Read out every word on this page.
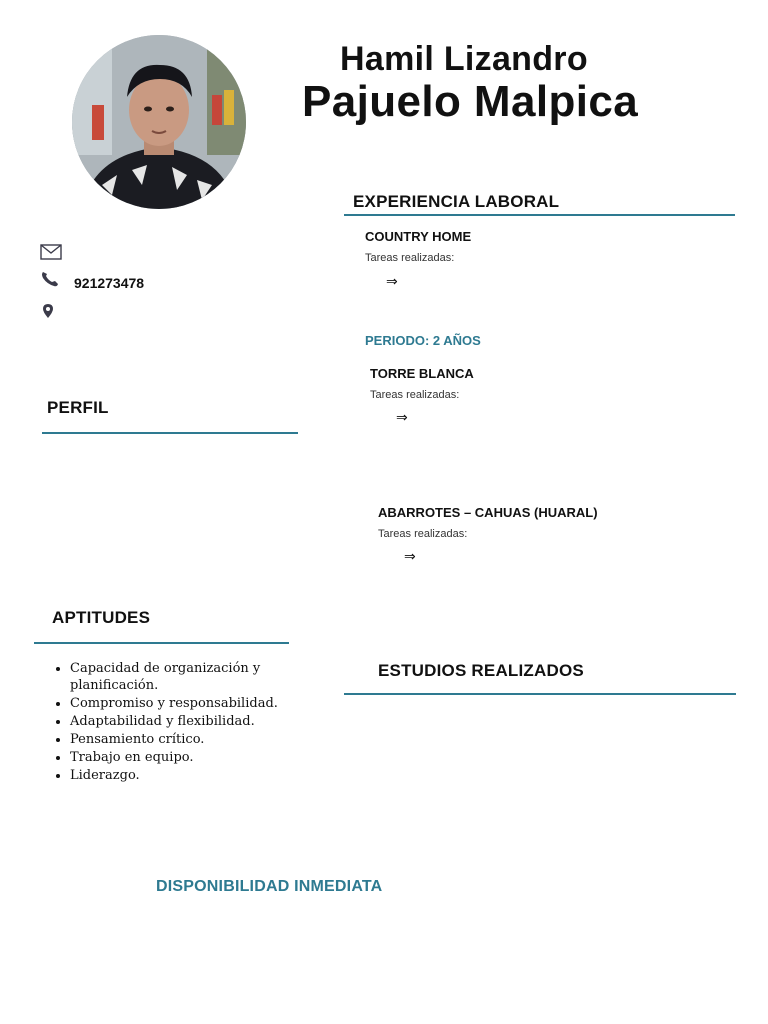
Hamil Lizandro
Pajuelo Malpica
921273478
PERFIL
APTITUDES
• Capacidad de organización y planificación.
• Compromiso y responsabilidad.
• Adaptabilidad y flexibilidad.
• Pensamiento crítico.
• Trabajo en equipo.
• Liderazgo.
DISPONIBILIDAD INMEDIATA
EXPERIENCIA LABORAL
COUNTRY HOME
Tareas realizadas:
⇒
PERIODO: 2 AÑOS
TORRE BLANCA
Tareas realizadas:
⇒
ABARROTES – CAHUAS (HUARAL)
Tareas realizadas:
⇒
ESTUDIOS REALIZADOS
